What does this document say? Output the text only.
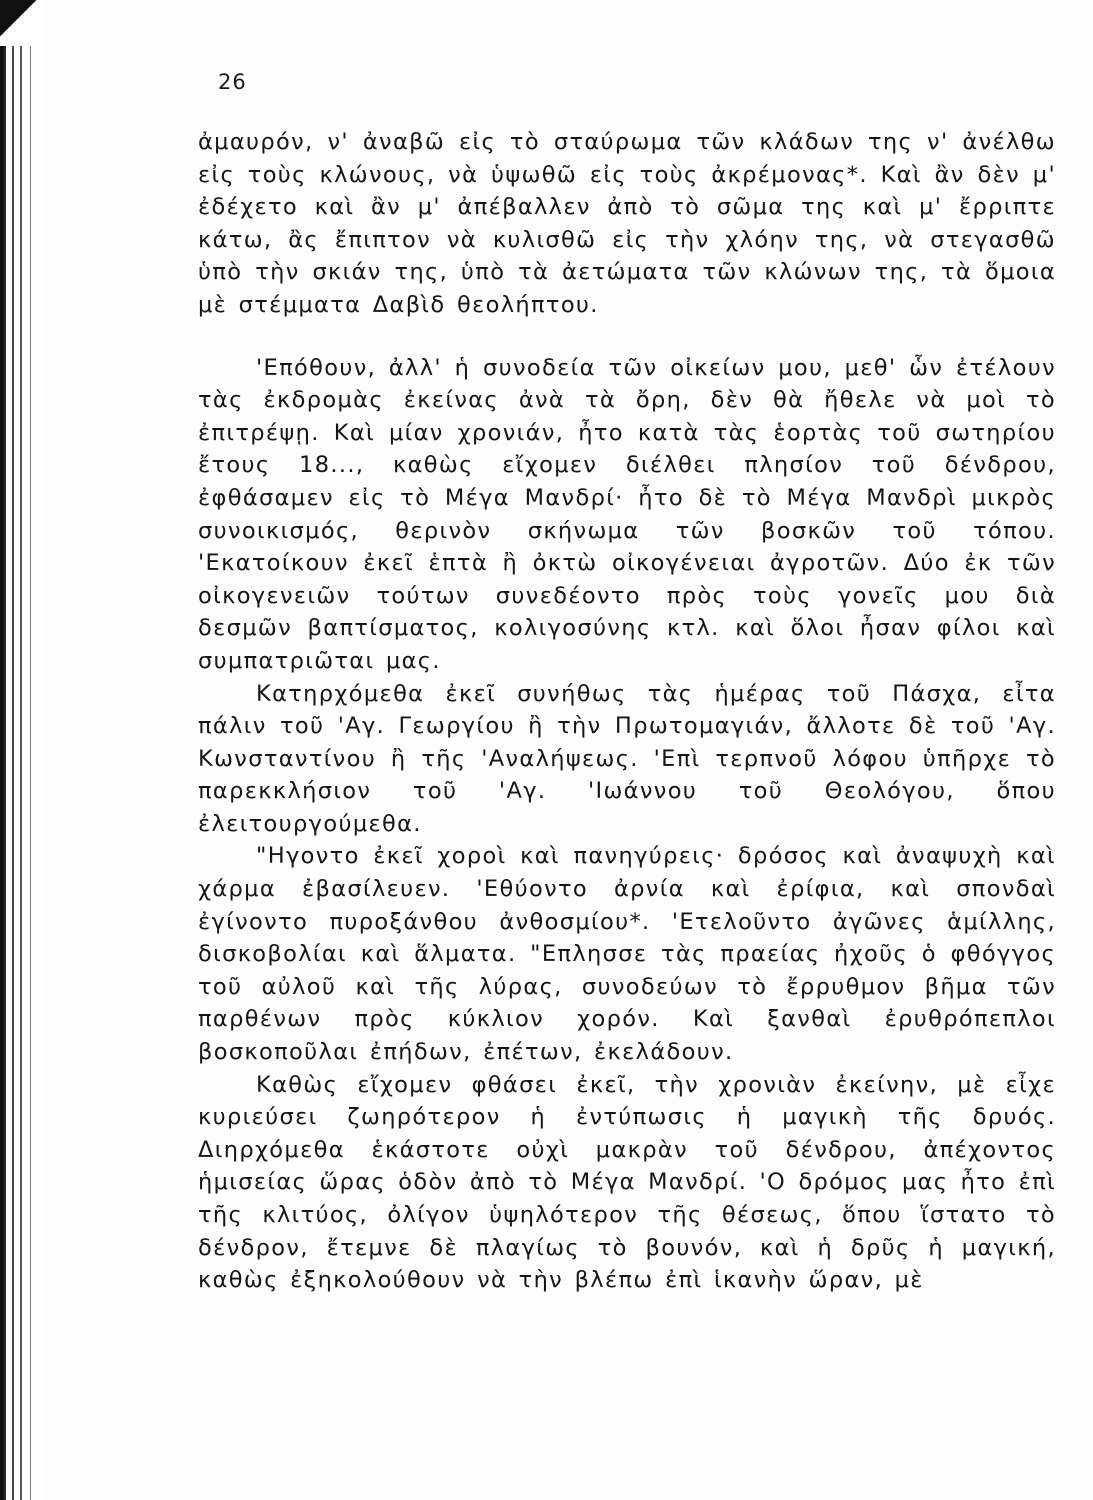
26

ἀμαυρόν, ν' ἀναβῶ εἰς τὸ σταύρωμα τῶν κλάδων της ν' ἀνέλθω εἰς τοὺς κλώνους, νὰ ὑψωθῶ εἰς τοὺς ἀκρέμονας*. Καὶ ἂν δὲν μ' ἐδέχετο καὶ ἂν μ' ἀπέβαλλεν ἀπὸ τὸ σῶμα της καὶ μ' ἔρριπτε κάτω, ἂς ἔπιπτον νὰ κυλισθῶ εἰς τὴν χλόην της, νὰ στεγασθῶ ὑπὸ τὴν σκιάν της, ὑπὸ τὰ ἀετώματα τῶν κλώνων της, τὰ ὅμοια μὲ στέμματα Δαβὶδ θεολήπτου.

'Επόθουν, ἀλλ' ἡ συνοδεία τῶν οἰκείων μου, μεθ' ὧν ἐτέλουν τὰς ἐκδρομὰς ἐκείνας ἀνὰ τὰ ὄρη, δὲν θὰ ἤθελε νὰ μοὶ τὸ ἐπιτρέψῃ. Καὶ μίαν χρονιάν, ἦτο κατὰ τὰς ἑορτὰς τοῦ σωτηρίου ἔτους 18..., καθὼς εἴχομεν διέλθει πλησίον τοῦ δένδρου, ἐφθάσαμεν εἰς τὸ Μέγα Μανδρί· ἦτο δὲ τὸ Μέγα Μανδρὶ μικρὸς συνοικισμός, θερινὸν σκήνωμα τῶν βοσκῶν τοῦ τόπου. 'Εκατοίκουν ἐκεῖ ἑπτὰ ἢ ὀκτὼ οἰκογένειαι ἀγροτῶν. Δύο ἐκ τῶν οἰκογενειῶν τούτων συνεδέοντο πρὸς τοὺς γονεῖς μου διὰ δεσμῶν βαπτίσματος, κολιγοσύνης κτλ. καὶ ὅλοι ἦσαν φίλοι καὶ συμπατριῶται μας.

Κατηρχόμεθα ἐκεῖ συνήθως τὰς ἡμέρας τοῦ Πάσχα, εἶτα πάλιν τοῦ 'Αγ. Γεωργίου ἢ τὴν Πρωτομαγιάν, ἄλλοτε δὲ τοῦ 'Αγ. Κωνσταντίνου ἢ τῆς 'Αναλήψεως. 'Επὶ τερπνοῦ λόφου ὑπῆρχε τὸ παρεκκλήσιον τοῦ 'Αγ. 'Ιωάννου τοῦ Θεολόγου, ὅπου ἐλειτουργούμεθα.

"Ηγοντο ἐκεῖ χοροὶ καὶ πανηγύρεις· δρόσος καὶ ἀναψυχὴ καὶ χάρμα ἐβασίλευεν. 'Εθύοντο ἀρνία καὶ ἐρίφια, καὶ σπονδαὶ ἐγίνοντο πυροξάνθου ἀνθοσμίου*. 'Ετελοῦντο ἀγῶνες ἁμίλλης, δισκοβολίαι καὶ ἅλματα. "Επλησσε τὰς πραείας ἠχοῦς ὁ φθόγγος τοῦ αὐλοῦ καὶ τῆς λύρας, συνοδεύων τὸ ἔρρυθμον βῆμα τῶν παρθένων πρὸς κύκλιον χορόν. Καὶ ξανθαὶ ἐρυθρόπεπλοι βοσκοποῦλαι ἐπήδων, ἐπέτων, ἐκελάδουν.

Καθὼς εἴχομεν φθάσει ἐκεῖ, τὴν χρονιὰν ἐκείνην, μὲ εἶχε κυριεύσει ζωηρότερον ἡ ἐντύπωσις ἡ μαγικὴ τῆς δρυός. Διηρχόμεθα ἑκάστοτε οὐχὶ μακρὰν τοῦ δένδρου, ἀπέχοντος ἡμισείας ὥρας ὁδὸν ἀπὸ τὸ Μέγα Μανδρί. 'Ο δρόμος μας ἦτο ἐπὶ τῆς κλιτύος, ὀλίγον ὑψηλότερον τῆς θέσεως, ὅπου ἵστατο τὸ δένδρον, ἔτεμνε δὲ πλαγίως τὸ βουνόν, καὶ ἡ δρῦς ἡ μαγική, καθὼς ἐξηκολούθουν νὰ τὴν βλέπω ἐπὶ ἱκανὴν ὥραν, μὲ
